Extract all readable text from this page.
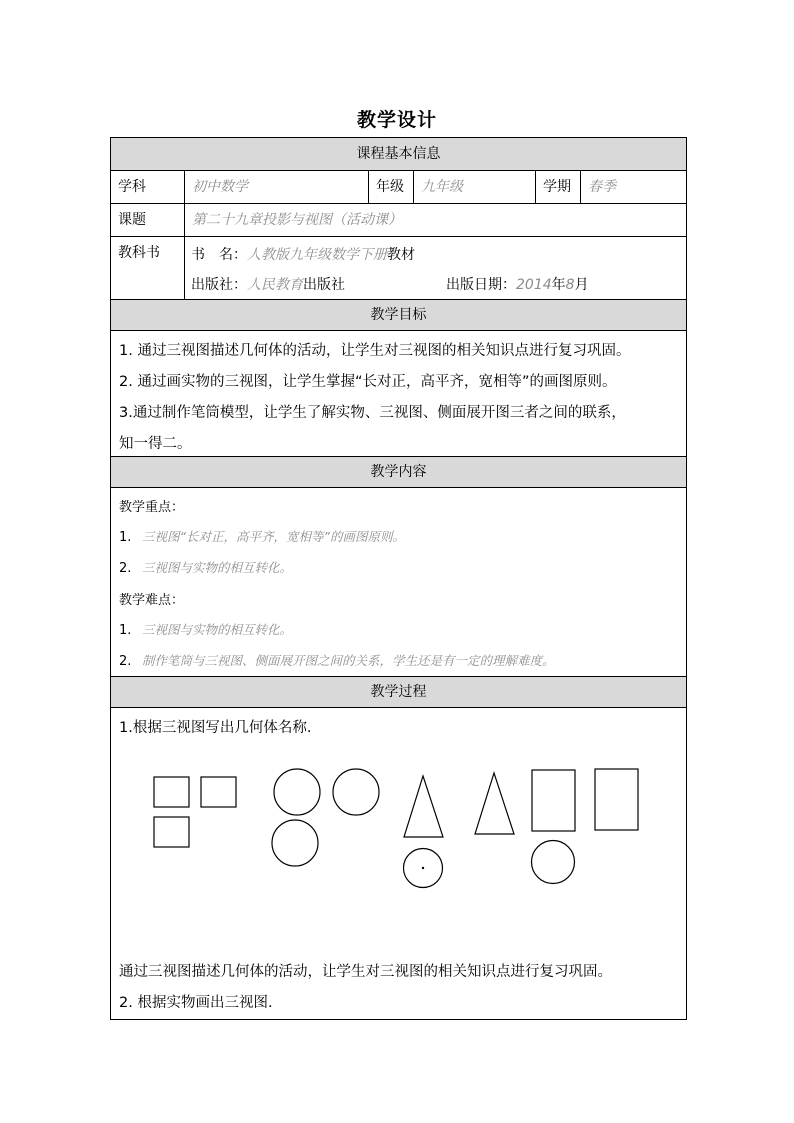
教学设计
课程基本信息
学科	初中数学	年级	九年级	学期	春季
课题	第二十九章投影与视图（活动课）
教科书	书　名：人教版九年级数学下册教材
出版社：人民教育出版社	出版日期：2014年8月
教学目标
1. 通过三视图描述几何体的活动，让学生对三视图的相关知识点进行复习巩固。
2. 通过画实物的三视图，让学生掌握“长对正，高平齐，宽相等”的画图原则。
3.通过制作笔筒模型，让学生了解实物、三视图、侧面展开图三者之间的联系，
知一得二。
教学内容
教学重点：
1. 三视图“长对正，高平齐，宽相等”的画图原则。
2. 三视图与实物的相互转化。
教学难点：
1. 三视图与实物的相互转化。
2. 制作笔筒与三视图、侧面展开图之间的关系，学生还是有一定的理解难度。
教学过程
1.根据三视图写出几何体名称.
通过三视图描述几何体的活动，让学生对三视图的相关知识点进行复习巩固。
2. 根据实物画出三视图.
